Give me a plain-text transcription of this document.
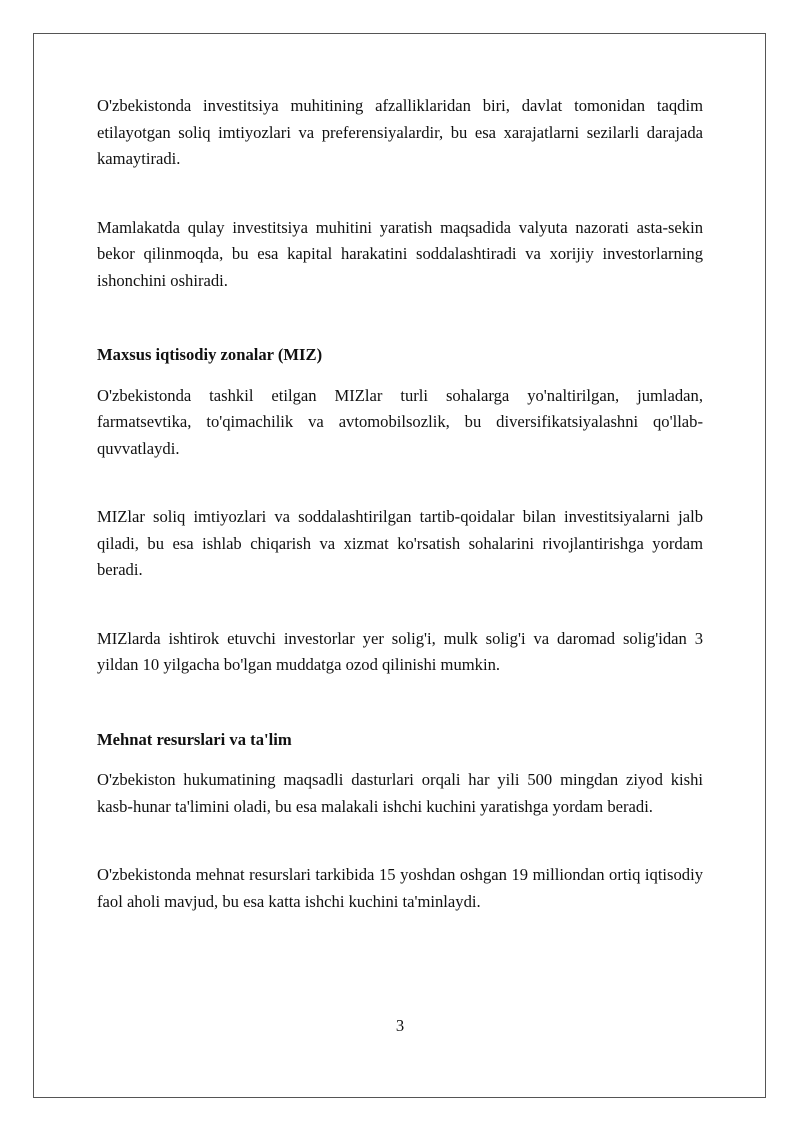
O'zbekistonda investitsiya muhitining afzalliklaridan biri, davlat tomonidan taqdim etilayotgan soliq imtiyozlari va preferensiyalardir, bu esa xarajatlarni sezilarli darajada kamaytiradi.

Mamlakatda qulay investitsiya muhitini yaratish maqsadida valyuta nazorati asta-sekin bekor qilinmoqda, bu esa kapital harakatini soddalashtiradi va xorijiy investorlarning ishonchini oshiradi.

Maxsus iqtisodiy zonalar (MIZ)

O'zbekistonda tashkil etilgan MIZlar turli sohalarga yo'naltirilgan, jumladan, farmatsevtika, to'qimachilik va avtomobilsozlik, bu diversifikatsiyalashni qo'llab-quvvatlaydi.

MIZlar soliq imtiyozlari va soddalashtirilgan tartib-qoidalar bilan investitsiyalarni jalb qiladi, bu esa ishlab chiqarish va xizmat ko'rsatish sohalarini rivojlantirishga yordam beradi.

MIZlarda ishtirok etuvchi investorlar yer solig'i, mulk solig'i va daromad solig'idan 3 yildan 10 yilgacha bo'lgan muddatga ozod qilinishi mumkin.

Mehnat resurslari va ta'lim

O'zbekiston hukumatining maqsadli dasturlari orqali har yili 500 mingdan ziyod kishi kasb-hunar ta'limini oladi, bu esa malakali ishchi kuchini yaratishga yordam beradi.

O'zbekistonda mehnat resurslari tarkibida 15 yoshdan oshgan 19 milliondan ortiq iqtisodiy faol aholi mavjud, bu esa katta ishchi kuchini ta'minlaydi.

3
